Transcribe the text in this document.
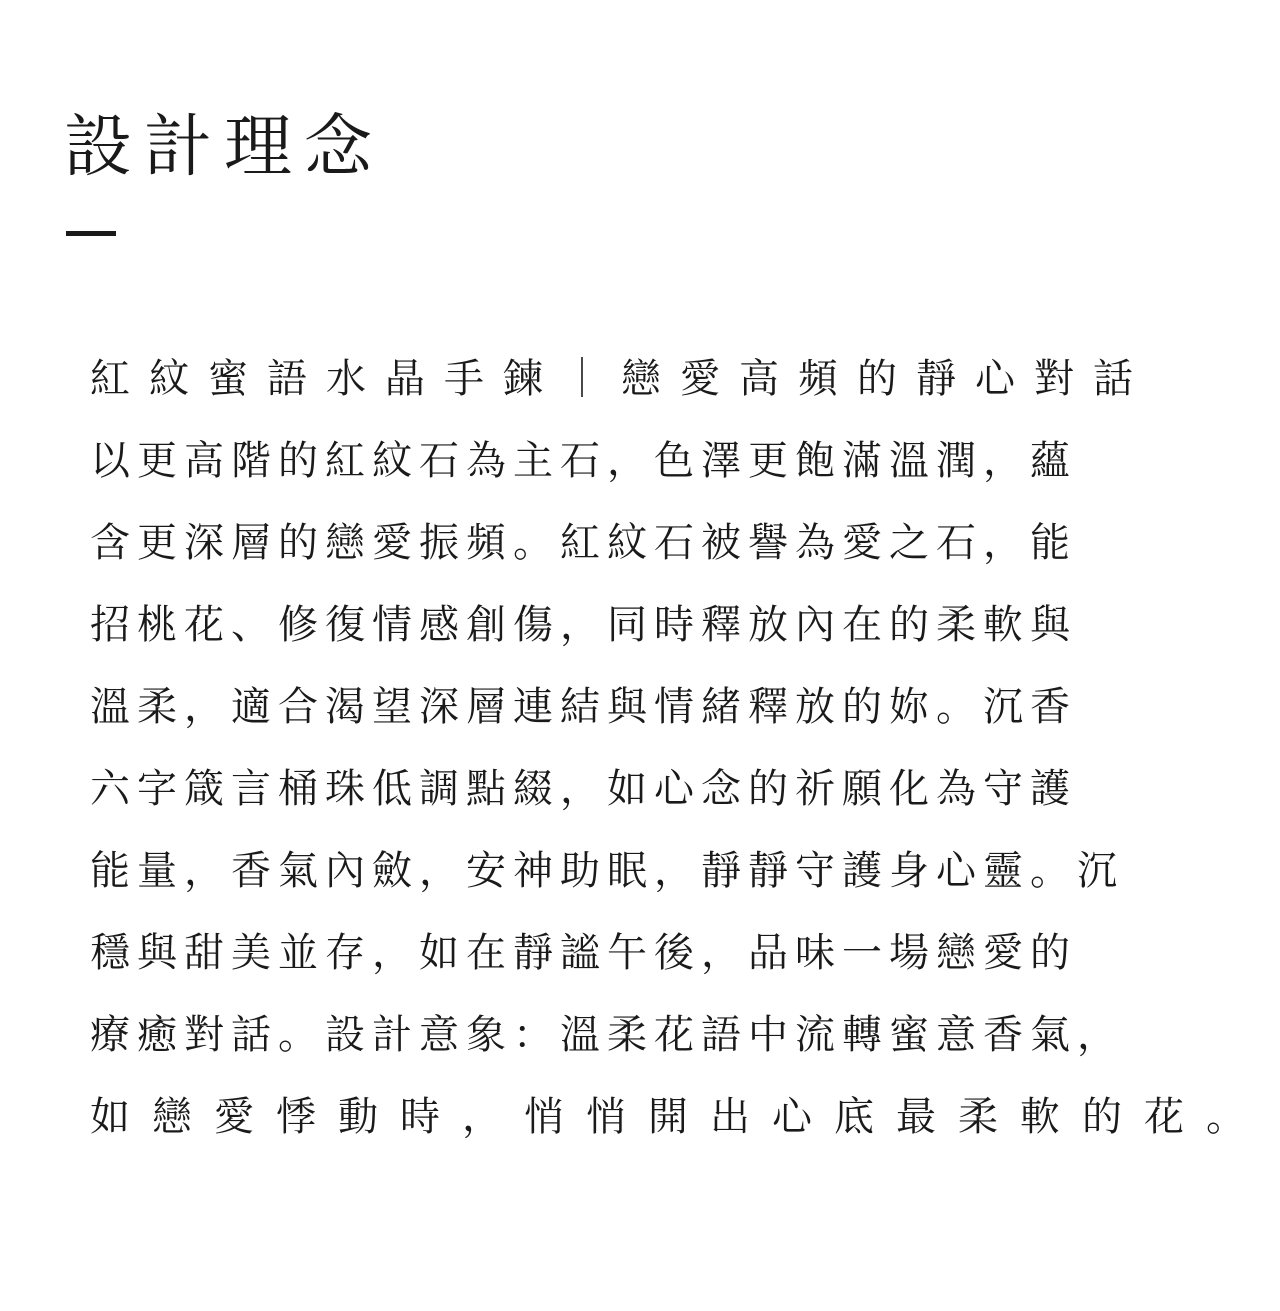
設計理念
紅紋蜜語水晶手鍊｜戀愛高頻的靜心對話
以更高階的紅紋石為主石，色澤更飽滿溫潤，蘊
含更深層的戀愛振頻。紅紋石被譽為愛之石，能
招桃花、修復情感創傷，同時釋放內在的柔軟與
溫柔，適合渴望深層連結與情緒釋放的妳。沉香
六字箴言桶珠低調點綴，如心念的祈願化為守護
能量，香氣內斂，安神助眠，靜靜守護身心靈。沉
穩與甜美並存，如在靜謐午後，品味一場戀愛的
療癒對話。設計意象：溫柔花語中流轉蜜意香氣，
如戀愛悸動時，悄悄開出心底最柔軟的花。
